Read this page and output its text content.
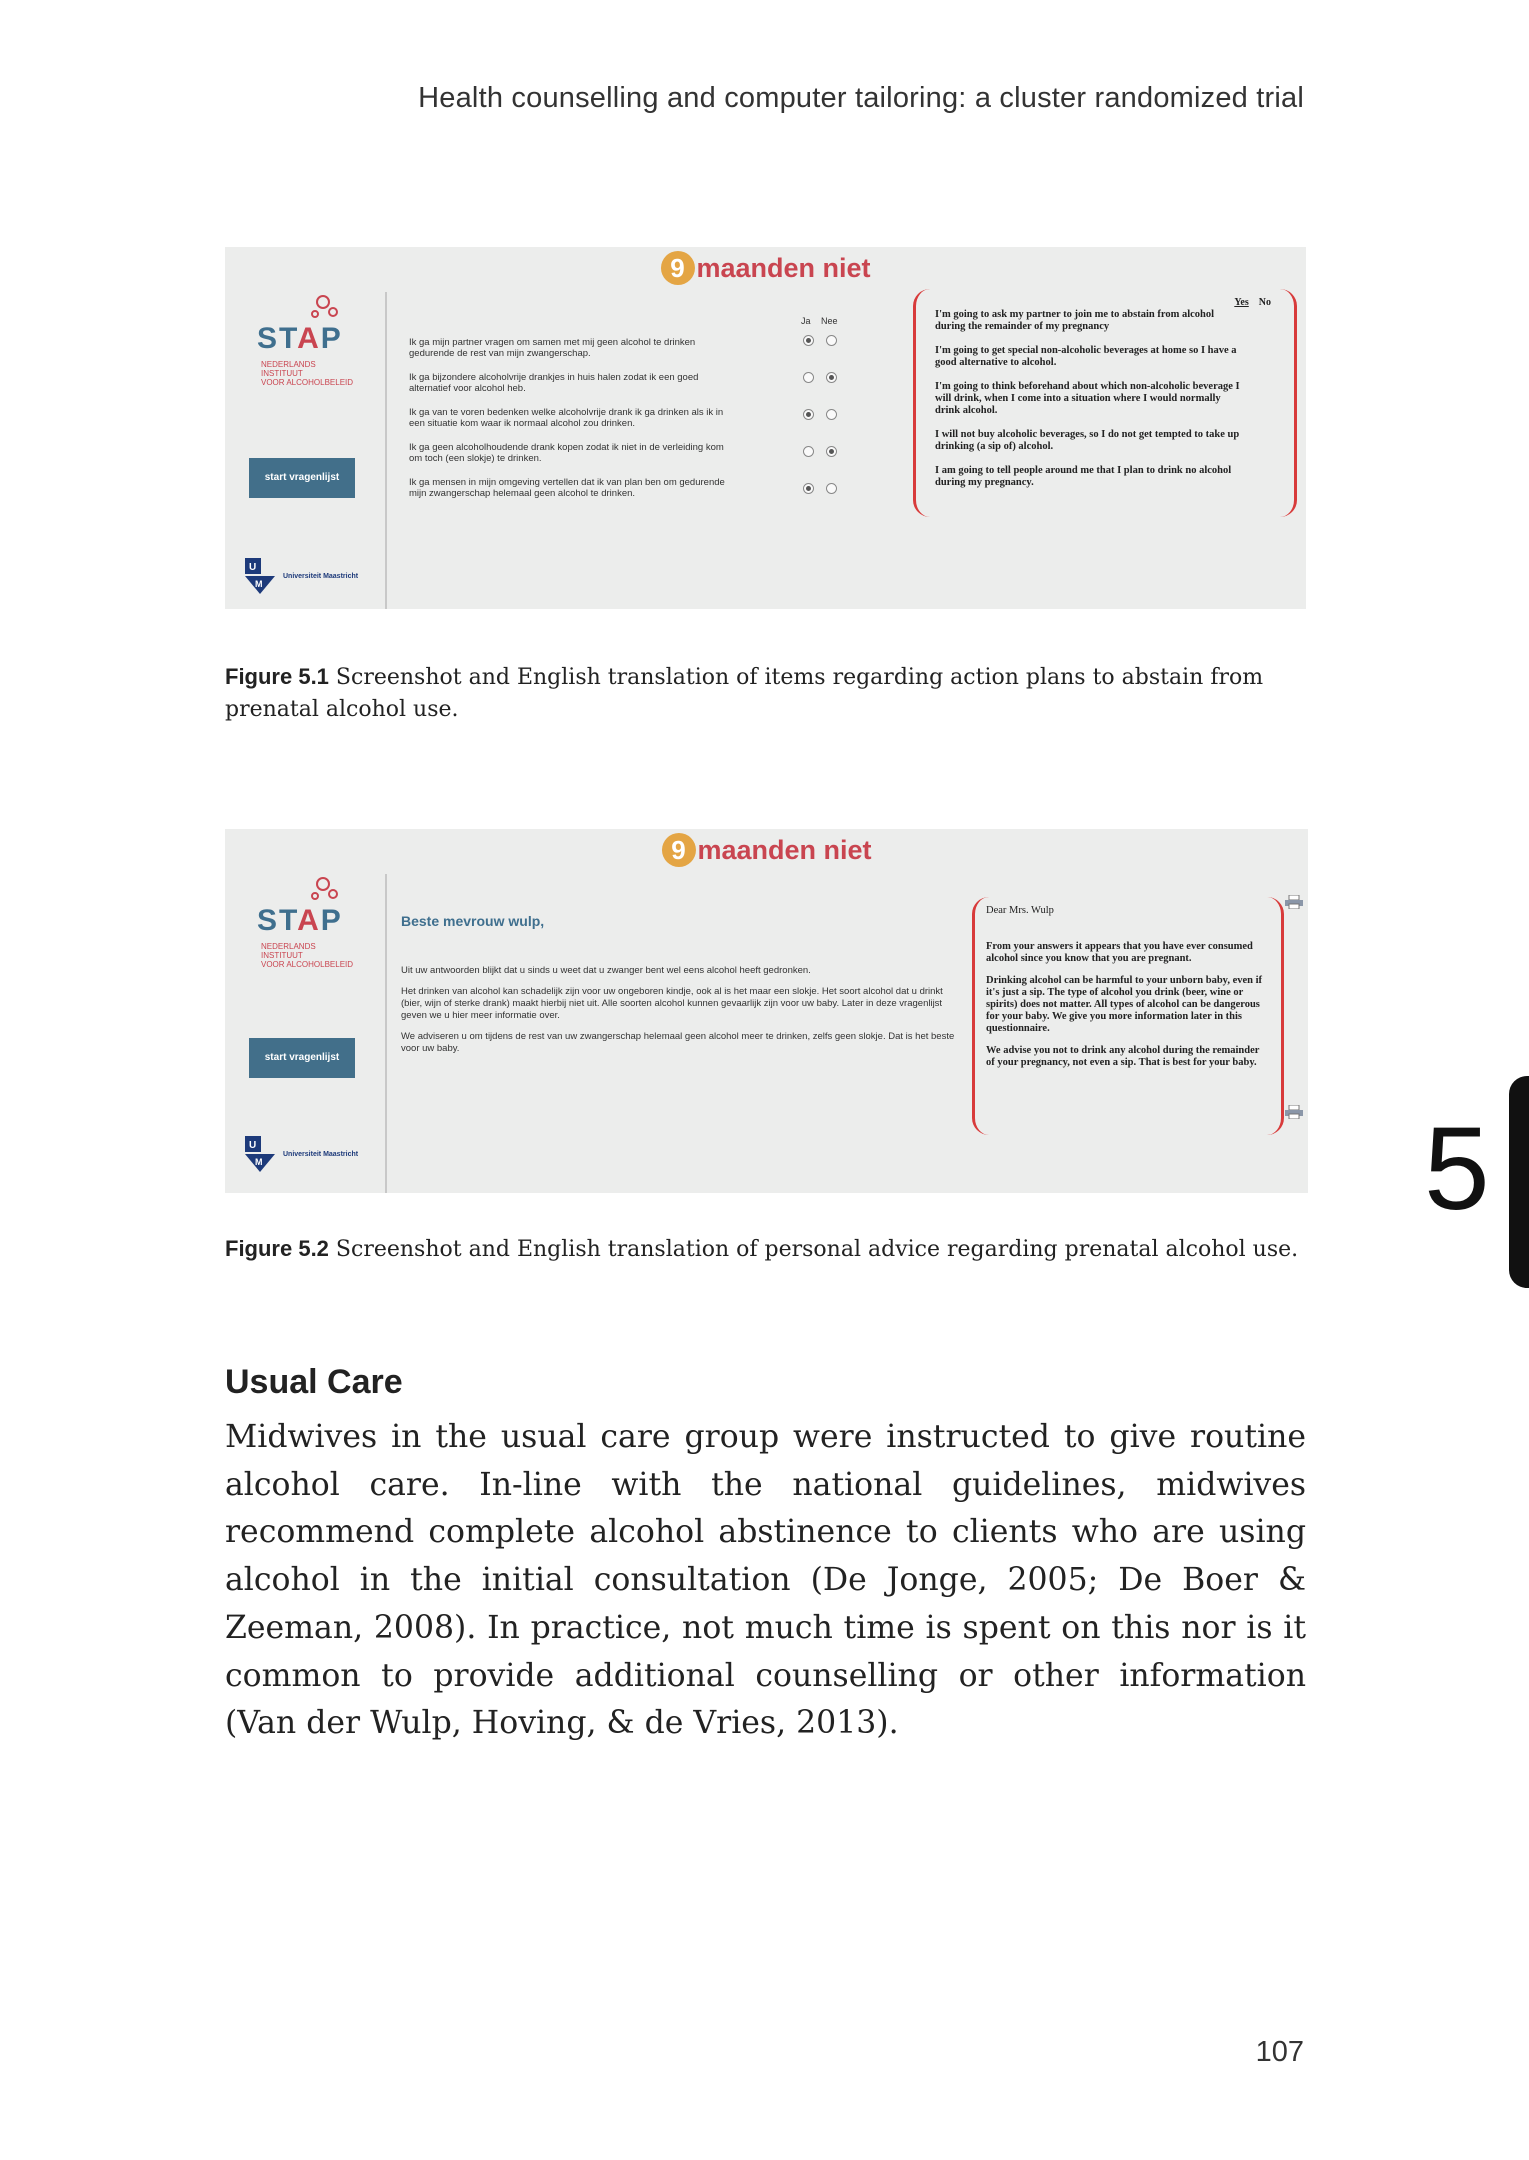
Health counselling and computer tailoring: a cluster randomized trial
9 maanden niet
STAP
NEDERLANDS
INSTITUUT
VOOR ALCOHOLBELEID
start vragenlijst
U
M
Universiteit Maastricht
Ja Nee
Ik ga mijn partner vragen om samen met mij geen alcohol te drinken gedurende de rest van mijn zwangerschap.
Ik ga bijzondere alcoholvrije drankjes in huis halen zodat ik een goed alternatief voor alcohol heb.
Ik ga van te voren bedenken welke alcoholvrije drank ik ga drinken als ik in een situatie kom waar ik normaal alcohol zou drinken.
Ik ga geen alcoholhoudende drank kopen zodat ik niet in de verleiding kom om toch (een slokje) te drinken.
Ik ga mensen in mijn omgeving vertellen dat ik van plan ben om gedurende mijn zwangerschap helemaal geen alcohol te drinken.
Yes No
I'm going to ask my partner to join me to abstain from alcohol during the remainder of my pregnancy
I'm going to get special non-alcoholic beverages at home so I have a good alternative to alcohol.
I'm going to think beforehand about which non-alcoholic beverage I will drink, when I come into a situation where I would normally drink alcohol.
I will not buy alcoholic beverages, so I do not get tempted to take up drinking (a sip of) alcohol.
I am going to tell people around me that I plan to drink no alcohol during my pregnancy.
Figure 5.1 Screenshot and English translation of items regarding action plans to abstain from prenatal alcohol use.
9 maanden niet
STAP
NEDERLANDS
INSTITUUT
VOOR ALCOHOLBELEID
start vragenlijst
U
M
Universiteit Maastricht
Beste mevrouw wulp,

Uit uw antwoorden blijkt dat u sinds u weet dat u zwanger bent wel eens alcohol heeft gedronken.

Het drinken van alcohol kan schadelijk zijn voor uw ongeboren kindje, ook al is het maar een slokje. Het soort alcohol dat u drinkt (bier, wijn of sterke drank) maakt hierbij niet uit. Alle soorten alcohol kunnen gevaarlijk zijn voor uw baby. Later in deze vragenlijst geven we u hier meer informatie over.

We adviseren u om tijdens de rest van uw zwangerschap helemaal geen alcohol meer te drinken, zelfs geen slokje. Dat is het beste voor uw baby.

Dear Mrs. Wulp
From your answers it appears that you have ever consumed alcohol since you know that you are pregnant.
Drinking alcohol can be harmful to your unborn baby, even if it's just a sip. The type of alcohol you drink (beer, wine or spirits) does not matter. All types of alcohol can be dangerous for your baby. We give you more information later in this questionnaire.
We advise you not to drink any alcohol during the remainder of your pregnancy, not even a sip. That is best for your baby.
Figure 5.2 Screenshot and English translation of personal advice regarding prenatal alcohol use.
5
Usual Care
Midwives in the usual care group were instructed to give routine alcohol care. In-line with the national guidelines, midwives recommend complete alcohol abstinence to clients who are using alcohol in the initial consultation (De Jonge, 2005; De Boer & Zeeman, 2008). In practice, not much time is spent on this nor is it common to provide additional counselling or other information (Van der Wulp, Hoving, & de Vries, 2013).
107
